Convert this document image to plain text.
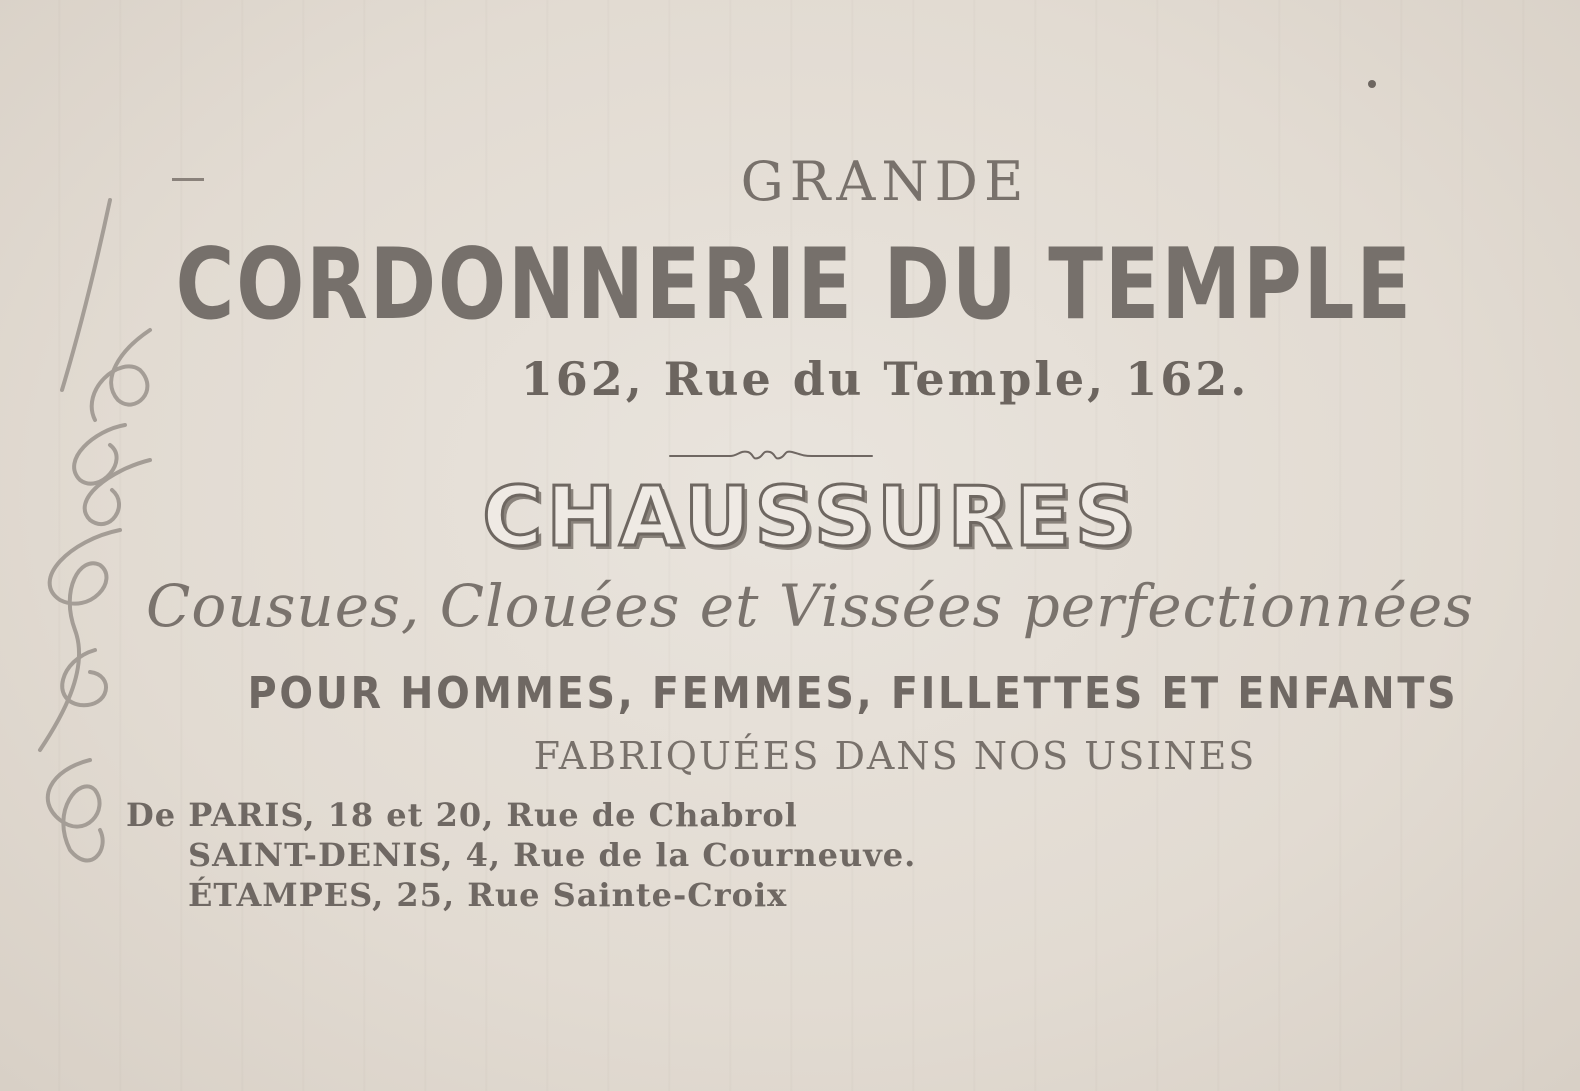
GRANDE
CORDONNERIE DU TEMPLE
162, Rue du Temple, 162.
CHAUSSURES
Cousues, Clouées et Vissées perfectionnées
POUR HOMMES, FEMMES, FILLETTES ET ENFANTS
FABRIQUÉES DANS NOS USINES
De PARIS, 18 et 20, Rue de Chabrol
SAINT-DENIS, 4, Rue de la Courneuve.
ÉTAMPES, 25, Rue Sainte-Croix
